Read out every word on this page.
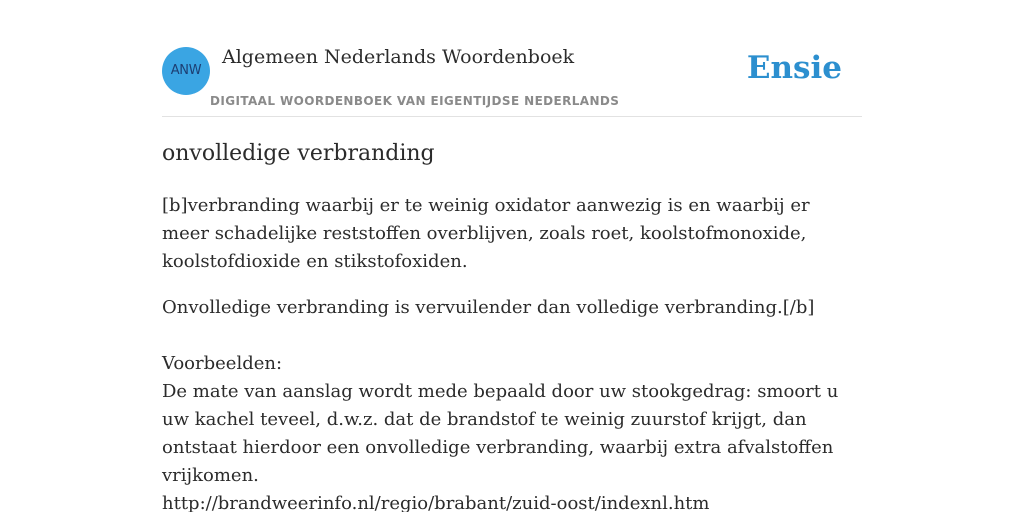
ANW
Algemeen Nederlands Woordenboek
DIGITAAL WOORDENBOEK VAN EIGENTIJDSE NEDERLANDS
Ensie
onvolledige verbranding

[b]verbranding waarbij er te weinig oxidator aanwezig is en waarbij er meer schadelijke reststoffen overblijven, zoals roet, koolstofmonoxide, koolstofdioxide en stikstofoxiden.

Onvolledige verbranding is vervuilender dan volledige verbranding.[/b]

Voorbeelden:

De mate van aanslag wordt mede bepaald door uw stookgedrag: smoort u uw kachel teveel, d.w.z. dat de brandstof te weinig zuurstof krijgt, dan ontstaat hierdoor een onvolledige verbranding, waarbij extra afvalstoffen vrijkomen.

http://brandweerinfo.nl/regio/brabant/zuid-oost/indexnl.htm
